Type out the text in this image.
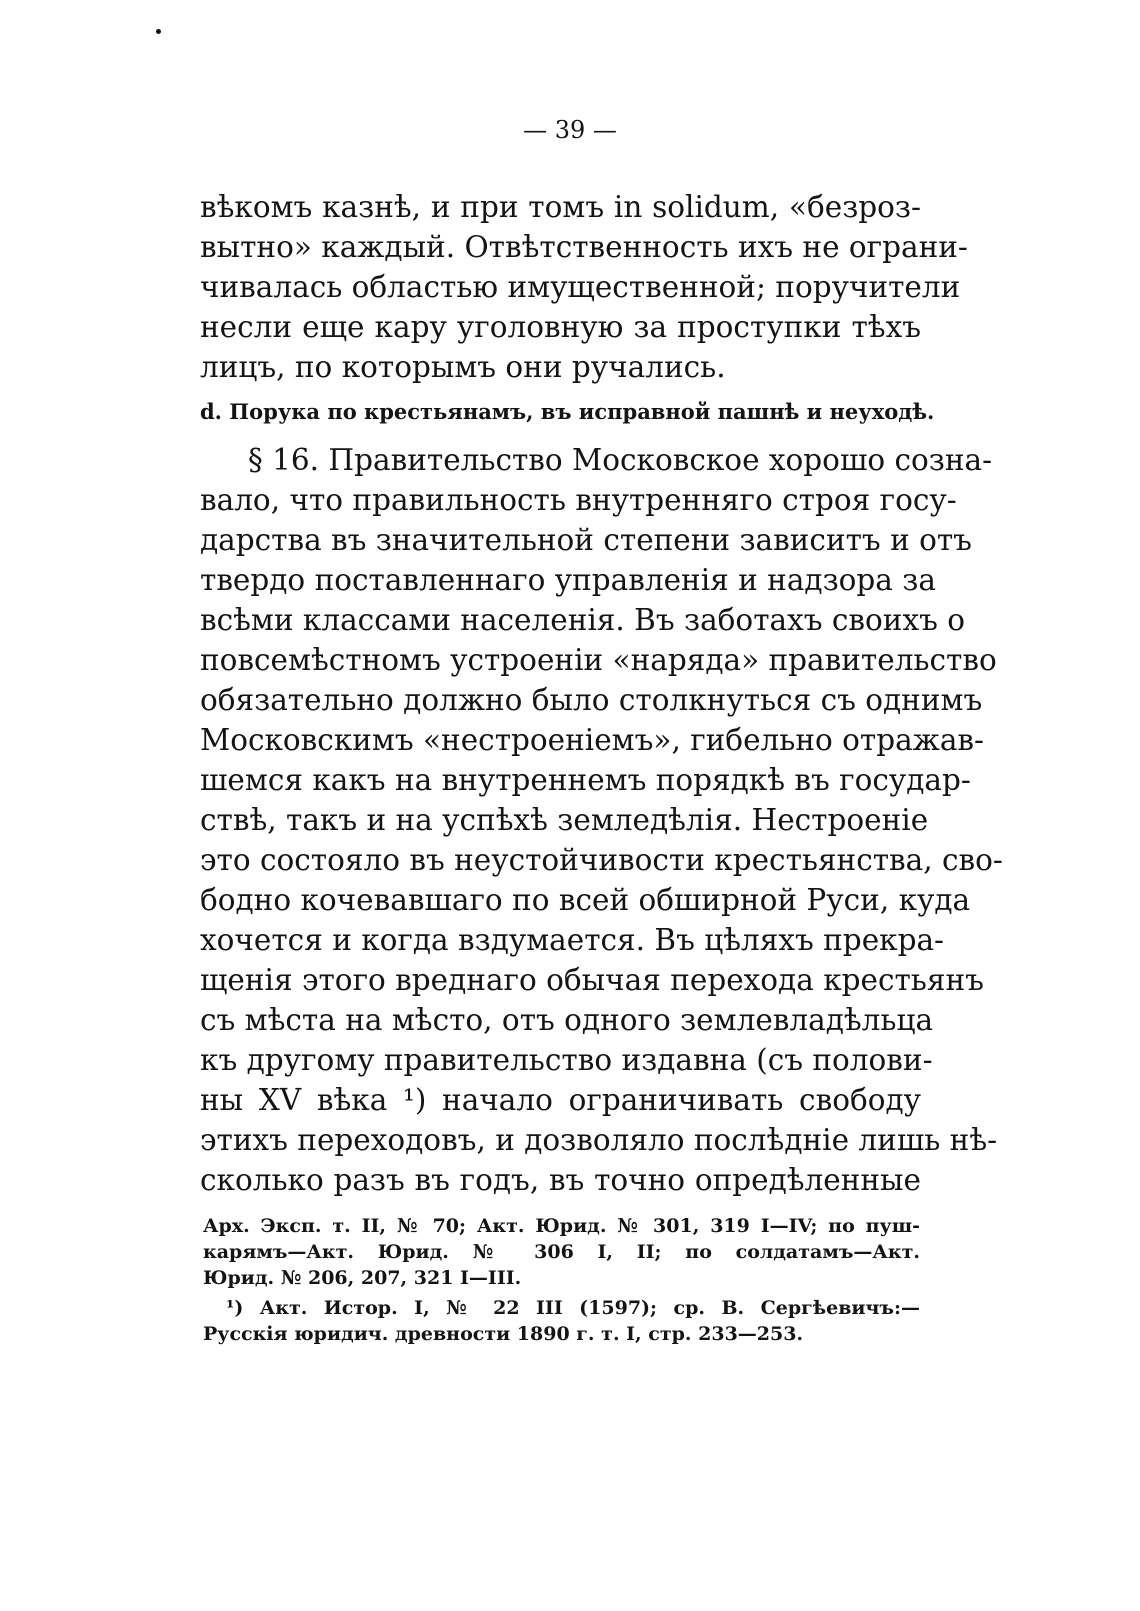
— 39 —
вѣкомъ казнѣ, и при томъ in solidum, «безроз-
вытно» каждый. Отвѣтственность ихъ не ограни-
чивалась областью имущественной; поручители
несли еще кару уголовную за проступки тѣхъ
лицъ, по которымъ они ручались.
d. Порука по крестьянамъ, въ исправной пашнѣ и неуходѣ.
§ 16. Правительство Московское хорошо созна-
вало, что правильность внутренняго строя госу-
дарства въ значительной степени зависитъ и отъ
твердо поставленнаго управленія и надзора за
всѣми классами населенія. Въ заботахъ своихъ о
повсемѣстномъ устроеніи «наряда» правительство
обязательно должно было столкнуться съ однимъ
Московскимъ «нестроеніемъ», гибельно отражав-
шемся какъ на внутреннемъ порядкѣ въ государ-
ствѣ, такъ и на успѣхѣ земледѣлія. Нестроеніе
это состояло въ неустойчивости крестьянства, сво-
бодно кочевавшаго по всей обширной Руси, куда
хочется и когда вздумается. Въ цѣляхъ прекра-
щенія этого вреднаго обычая перехода крестьянъ
съ мѣста на мѣсто, отъ одного землевладѣльца
къ другому правительство издавна (съ полови-
ны XV вѣка ¹) начало ограничивать свободу
этихъ переходовъ, и дозволяло послѣдніе лишь нѣ-
сколько разъ въ годъ, въ точно опредѣленные
Арх. Эксп. т. II, № 70; Акт. Юрид. № 301, 319 I—IV; по пуш-
карямъ—Акт. Юрид. № 306 I, II; по солдатамъ—Акт.
Юрид. № 206, 207, 321 I—III.
¹) Акт. Истор. I, № 22 III (1597); ср. В. Сергѣевичъ:—
Русскія юридич. древности 1890 г. т. I, стр. 233—253.
